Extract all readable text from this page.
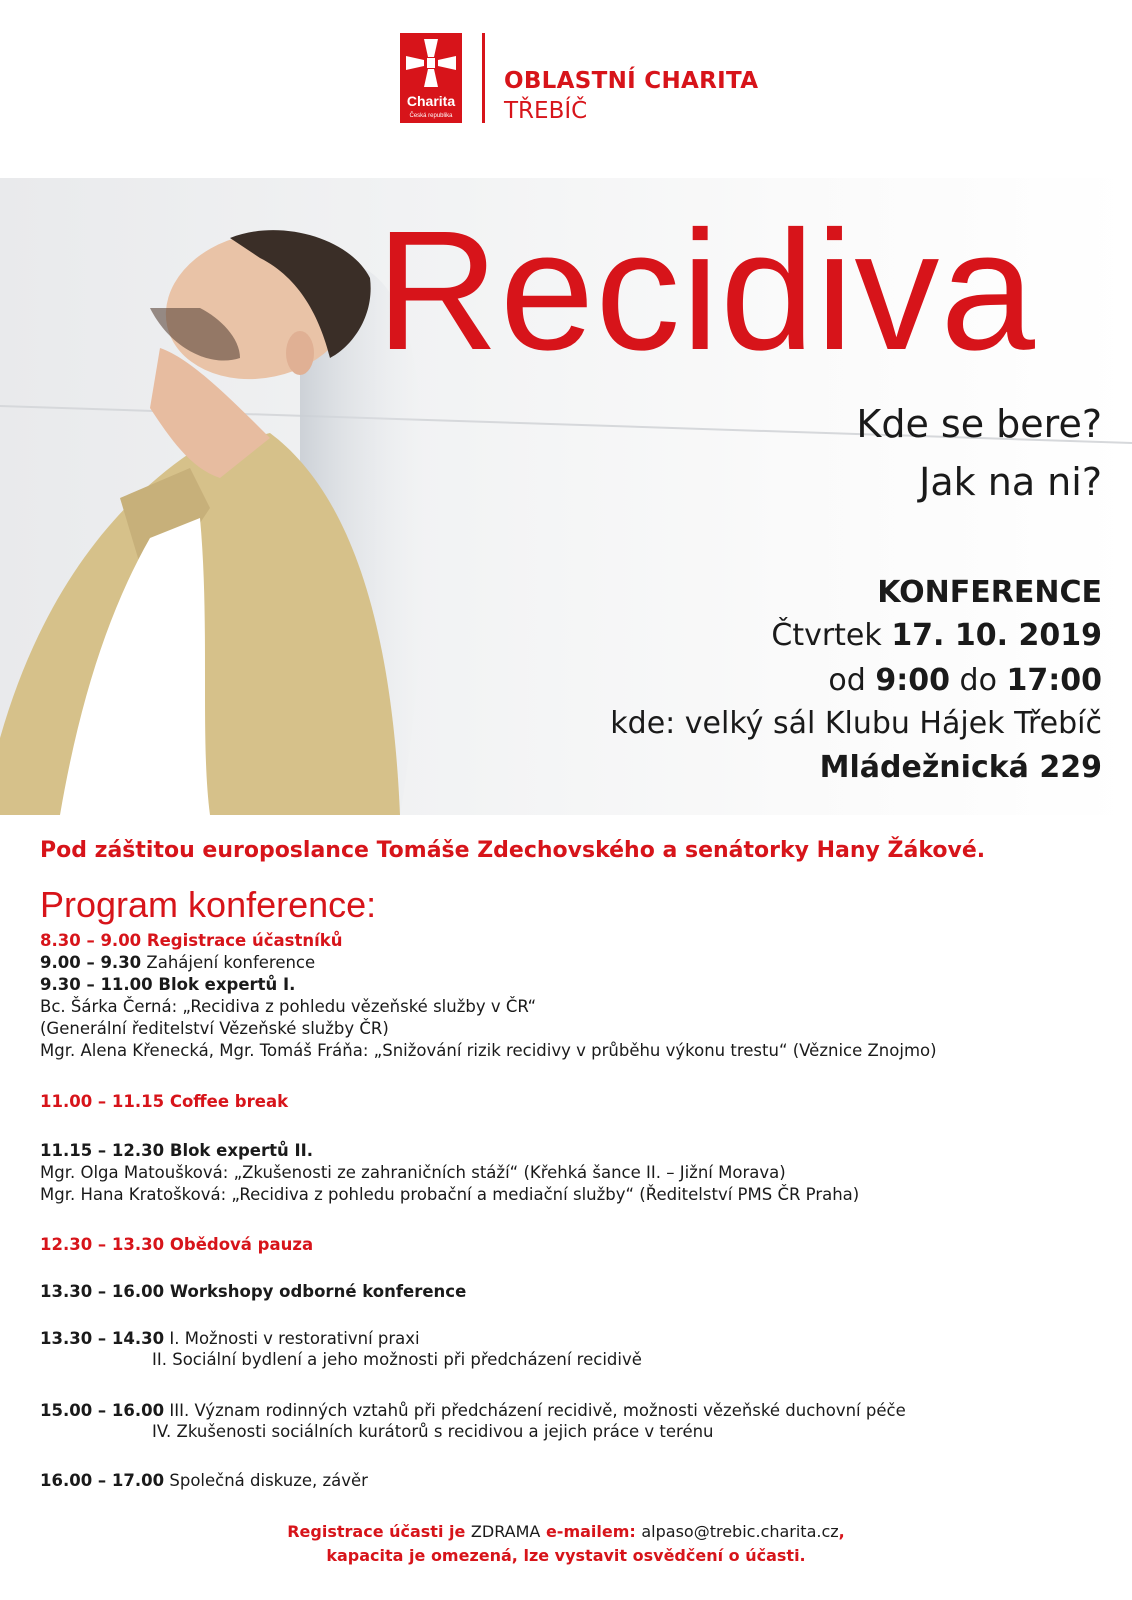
Charita
Česká republika
OBLASTNÍ CHARITA
TŘEBÍČ
Recidiva
Kde se bere?
Jak na ni?
KONFERENCE
Čtvrtek 17. 10. 2019
od 9:00 do 17:00
kde: velký sál Klubu Hájek Třebíč
Mládežnická 229
Pod záštitou europoslance Tomáše Zdechovského a senátorky Hany Žákové.
Program konference:
8.30 – 9.00 Registrace účastníků
9.00 – 9.30 Zahájení konference
9.30 – 11.00 Blok expertů I.
Bc. Šárka Černá: „Recidiva z pohledu vězeňské služby v ČR“
(Generální ředitelství Vězeňské služby ČR)
Mgr. Alena Křenecká, Mgr. Tomáš Fráňa: „Snižování rizik recidivy v průběhu výkonu trestu“ (Věznice Znojmo)
11.00 – 11.15 Coffee break
11.15 – 12.30 Blok expertů II.
Mgr. Olga Matoušková: „Zkušenosti ze zahraničních stáží“ (Křehká šance II. – Jižní Morava)
Mgr. Hana Kratošková: „Recidiva z pohledu probační a mediační služby“ (Ředitelství PMS ČR Praha)
12.30 – 13.30 Obědová pauza
13.30 – 16.00 Workshopy odborné konference
13.30 – 14.30 I. Možnosti v restorativní praxi
II. Sociální bydlení a jeho možnosti při předcházení recidivě
15.00 – 16.00 III. Význam rodinných vztahů při předcházení recidivě, možnosti vězeňské duchovní péče
IV. Zkušenosti sociálních kurátorů s recidivou a jejich práce v terénu
16.00 – 17.00 Společná diskuze, závěr
Registrace účasti je ZDRAMA e-mailem: alpaso@trebic.charita.cz,
kapacita je omezená, lze vystavit osvědčení o účasti.
